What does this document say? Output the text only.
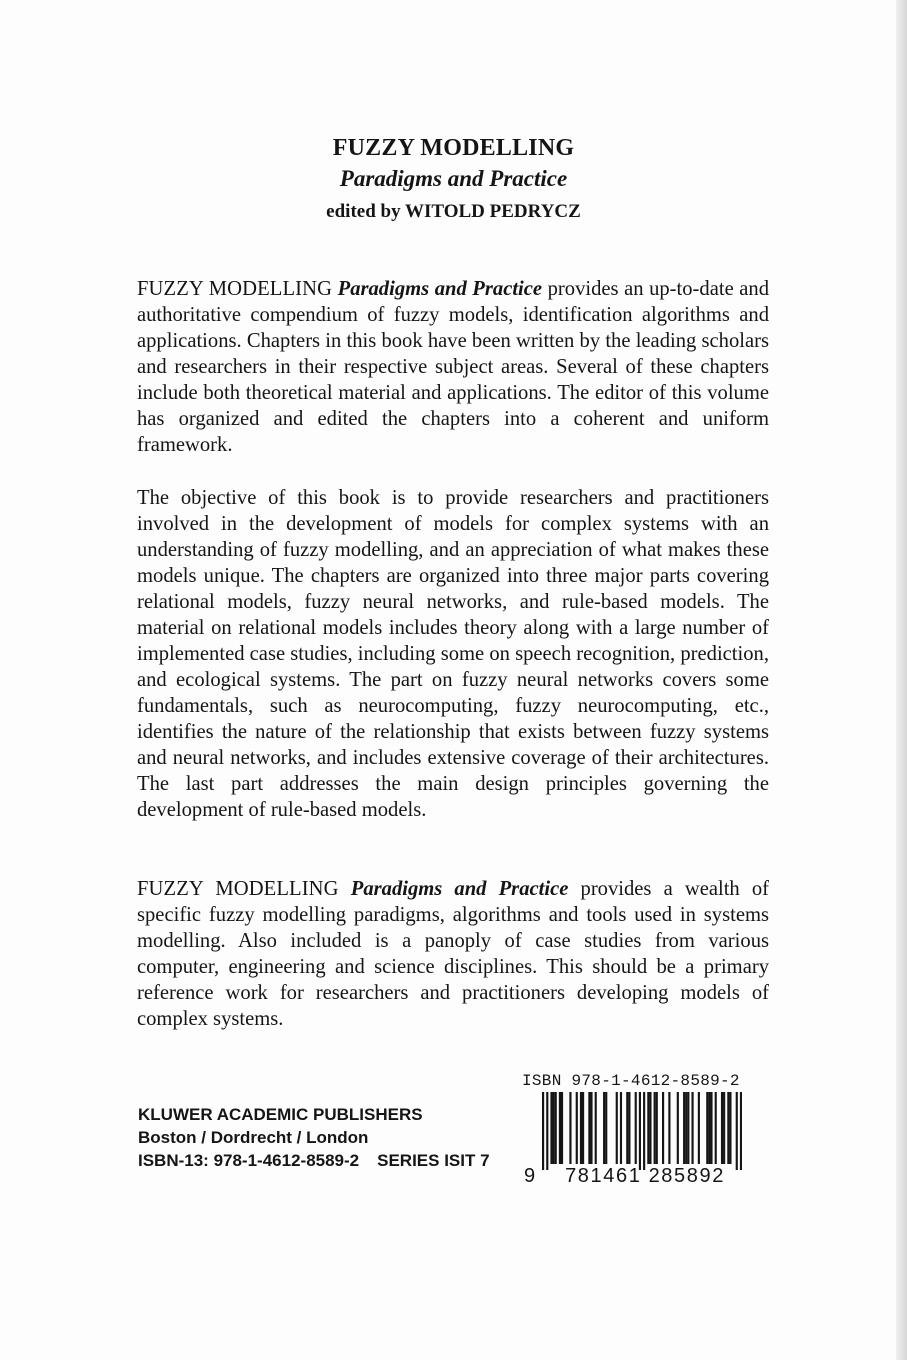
FUZZY MODELLING
Paradigms and Practice
edited by WITOLD PEDRYCZ

FUZZY MODELLING Paradigms and Practice provides an up-to-date and authoritative compendium of fuzzy models, identification algorithms and applications. Chapters in this book have been written by the leading scholars and researchers in their respective subject areas. Several of these chapters include both theoretical material and applications. The editor of this volume has organized and edited the chapters into a coherent and uniform framework.

The objective of this book is to provide researchers and practitioners involved in the development of models for complex systems with an understanding of fuzzy modelling, and an appreciation of what makes these models unique. The chapters are organized into three major parts covering relational models, fuzzy neural networks, and rule-based models. The material on relational models includes theory along with a large number of implemented case studies, including some on speech recognition, prediction, and ecological systems. The part on fuzzy neural networks covers some fundamentals, such as neurocomputing, fuzzy neurocomputing, etc., identifies the nature of the relationship that exists between fuzzy systems and neural networks, and includes extensive coverage of their architectures. The last part addresses the main design principles governing the development of rule-based models.

FUZZY MODELLING Paradigms and Practice provides a wealth of specific fuzzy modelling paradigms, algorithms and tools used in systems modelling. Also included is a panoply of case studies from various computer, engineering and science disciplines. This should be a primary reference work for researchers and practitioners developing models of complex systems.

KLUWER ACADEMIC PUBLISHERS
Boston / Dordrecht / London
ISBN-13: 978-1-4612-8589-2 SERIES ISIT 7
ISBN 978-1-4612-8589-2
9	781461 285892
